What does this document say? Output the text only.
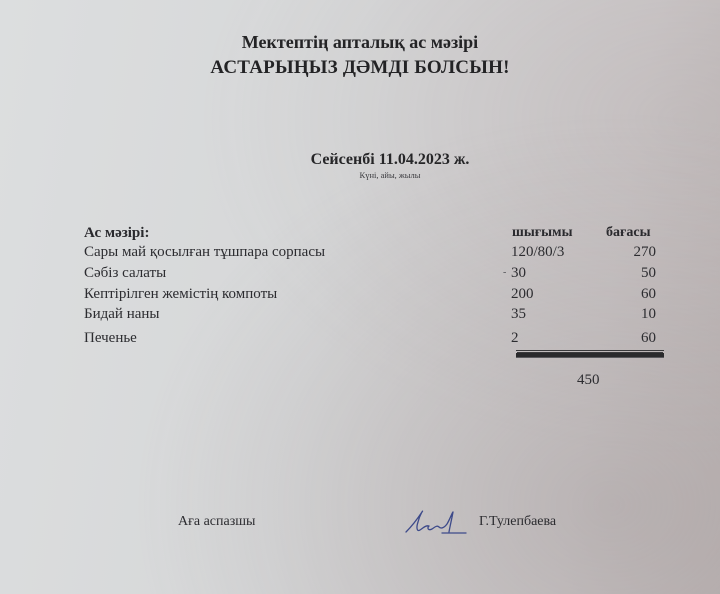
Мектептің апталық ас мәзірі
АСТАРЫҢЫЗ ДӘМДІ БОЛСЫН!
Сейсенбі 11.04.2023 ж.
Күні, айы, жылы
Ас мәзірі:	шығымы бағасы
Сары май қосылған тұшпара сорпасы	120/80/3	270
Сәбіз салаты	- 30	50
Кептірілген жемістің компоты	200	60
Бидай наны	35	10
Печенье	2	60
450
Аға аспазшы	Г.Тулепбаева
